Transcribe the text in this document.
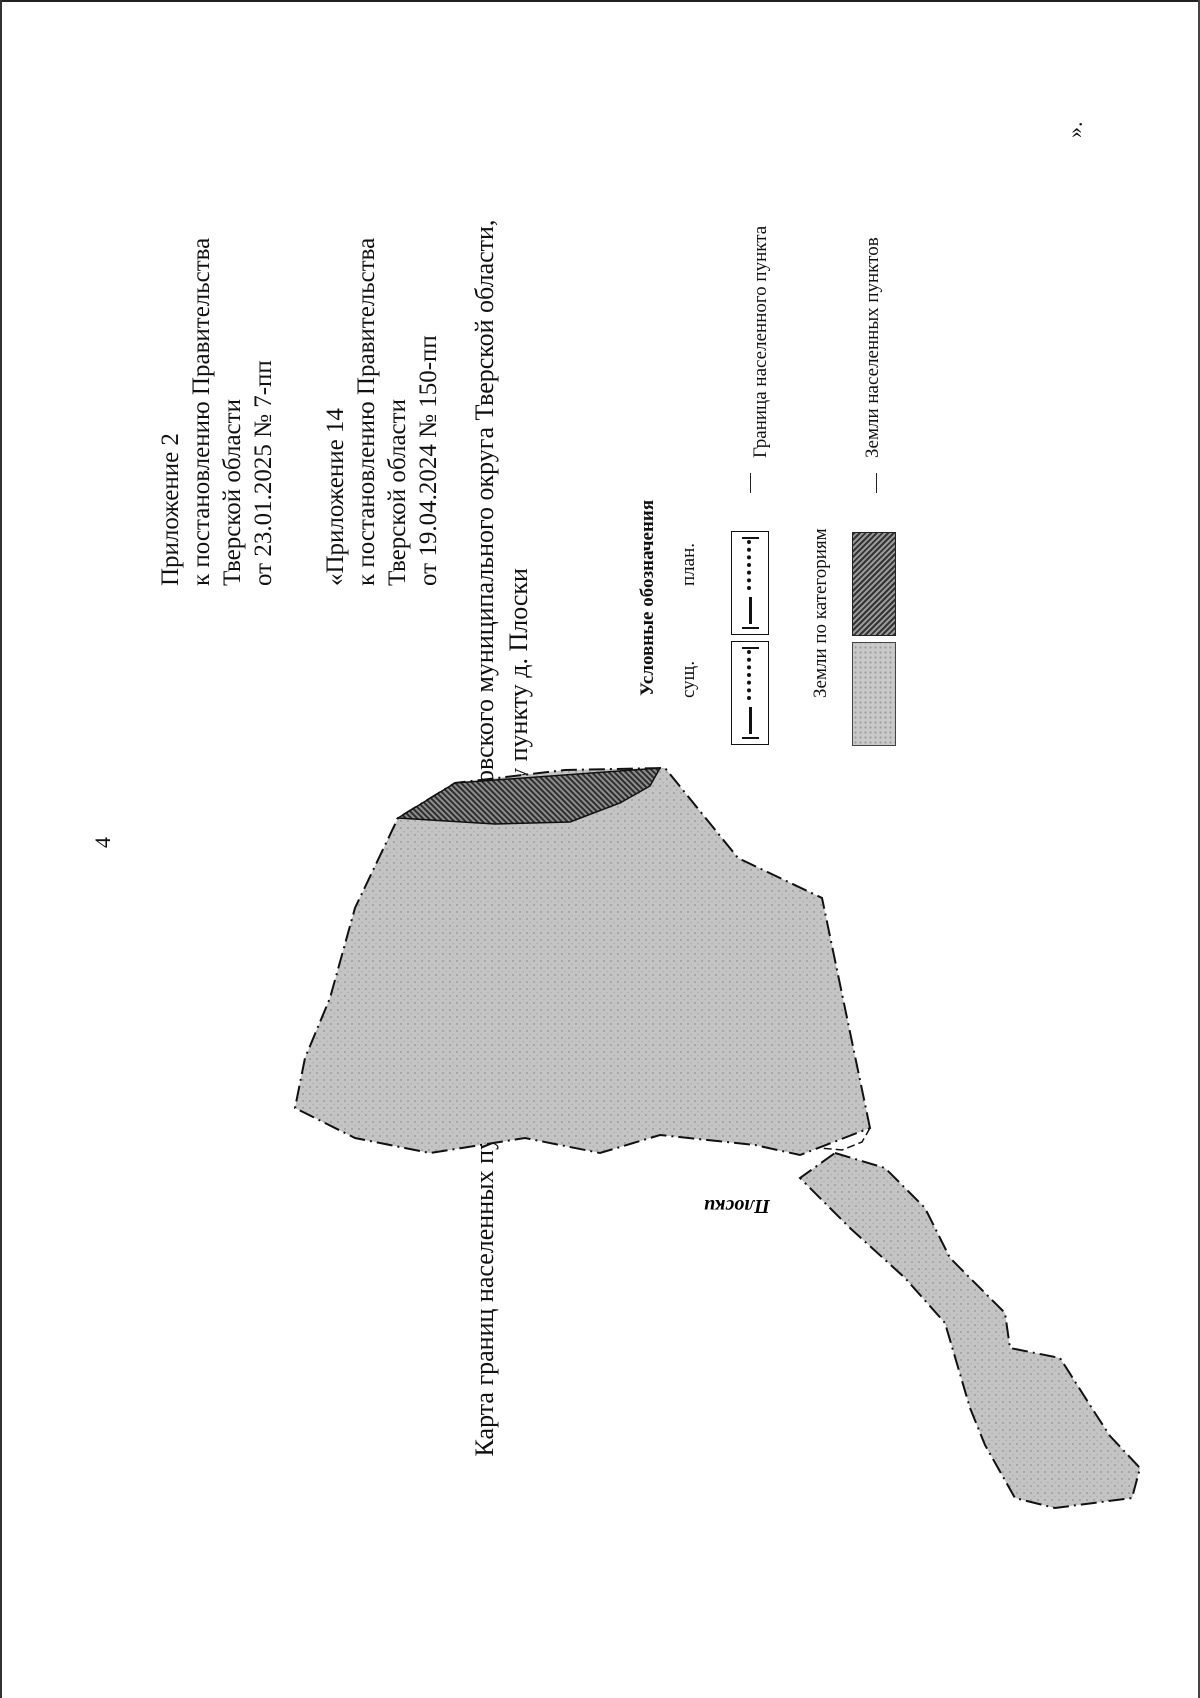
4
Приложение 2 к постановлению Правительства Тверской области от 23.01.2025 № 7-пп «Приложение 14 к постановлению Правительства Тверской области от 19.04.2024 № 150-пп
Плоски
Условные обозначения сущ.
план.
Граница населенного пункта
Земли по категориям
Земли населенных пунктов
».
